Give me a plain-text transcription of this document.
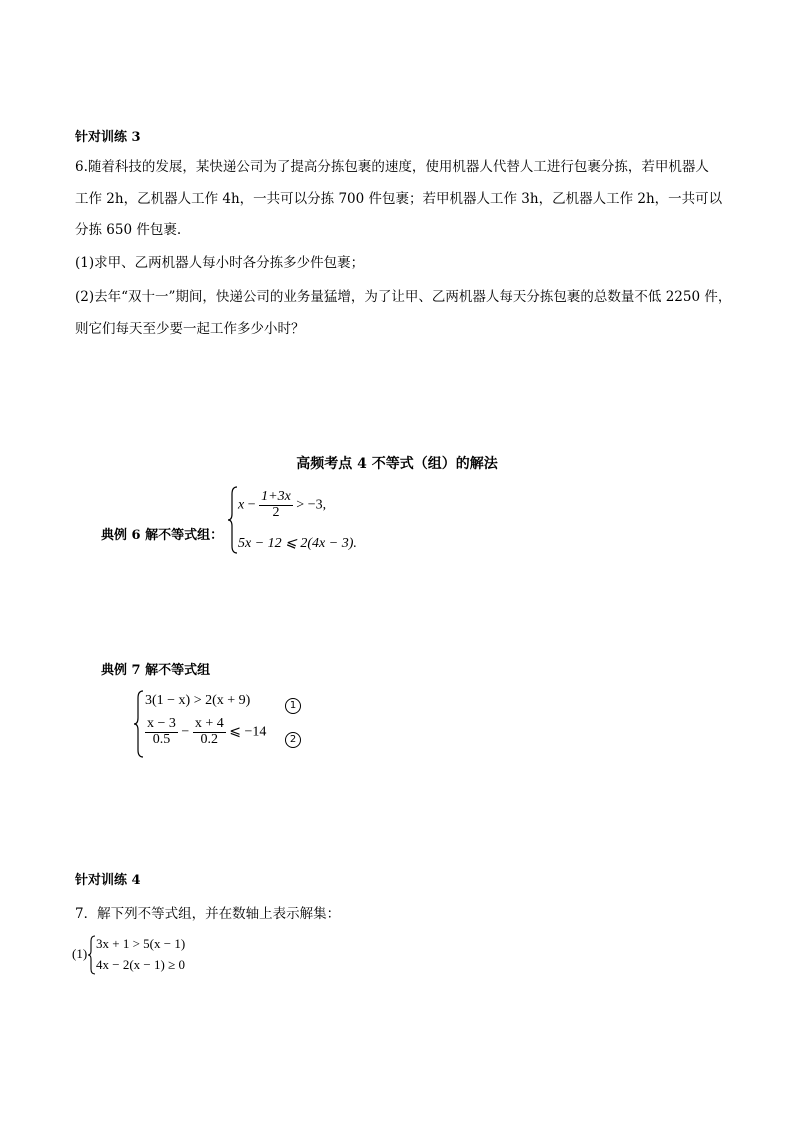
针对训练 3
6.随着科技的发展，某快递公司为了提高分拣包裹的速度，使用机器人代替人工进行包裹分拣，若甲机器人
工作 2h，乙机器人工作 4h，一共可以分拣 700 件包裹；若甲机器人工作 3h，乙机器人工作 2h，一共可以
分拣 650 件包裹.
(1)求甲、乙两机器人每小时各分拣多少件包裹；
(2)去年“双十一”期间，快递公司的业务量猛增，为了让甲、乙两机器人每天分拣包裹的总数量不低 2250 件，
则它们每天至少要一起工作多少小时？
高频考点 4 不等式（组）的解法
典例 6 解不等式组：
$x - \frac{1+3x}{2} > -3$,
5x − 12 ⩽ 2(4x − 3).
典例 7 解不等式组
3(1 − x) > 2(x + 9)
$\frac{x - 3}{0.5} - \frac{x + 4}{0.2}$ ⩽ −14
1
2
针对训练 4
7．解下列不等式组，并在数轴上表示解集：
(1)
3x + 1 > 5(x − 1)
4x − 2(x − 1) ≥ 0
